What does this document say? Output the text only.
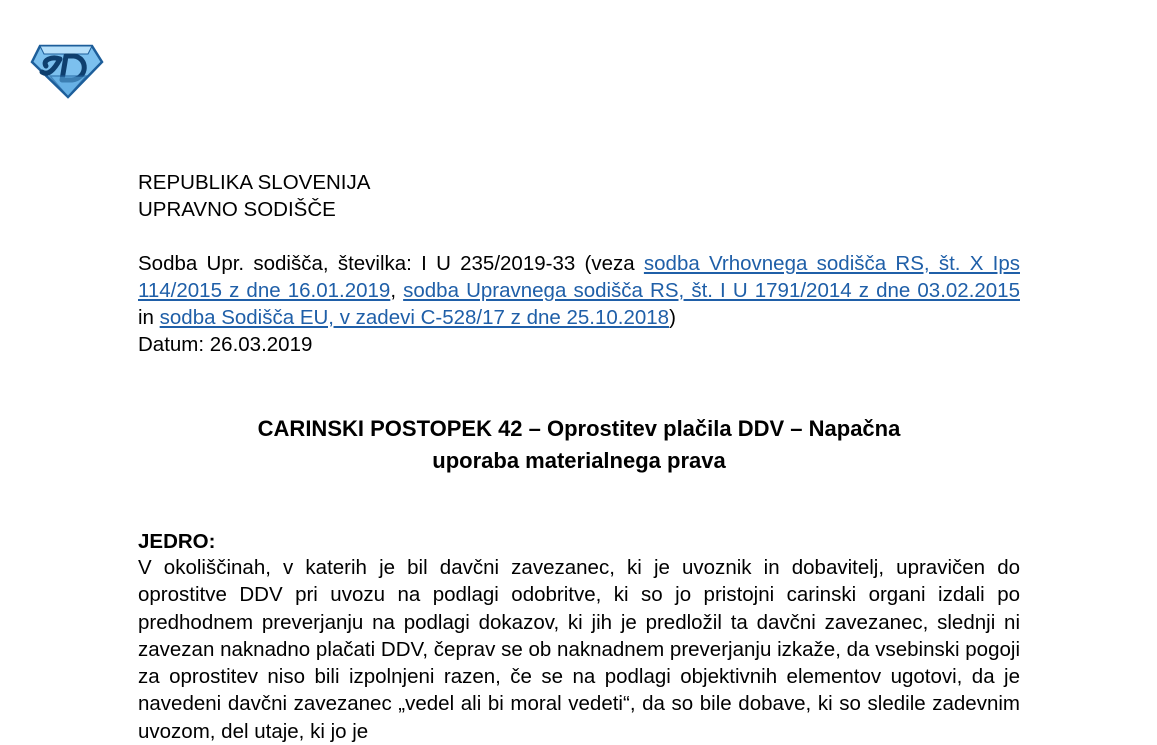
REPUBLIKA SLOVENIJA
UPRAVNO SODIŠČE
Sodba Upr. sodišča, številka: I U 235/2019-33 (veza sodba Vrhovnega sodišča RS, št. X Ips 114/2015 z dne 16.01.2019, sodba Upravnega sodišča RS, št. I U 1791/2014 z dne 03.02.2015 in sodba Sodišča EU, v zadevi C-528/17 z dne 25.10.2018)
Datum: 26.03.2019
CARINSKI POSTOPEK 42 – Oprostitev plačila DDV – Napačna
uporaba materialnega prava
JEDRO:
V okoliščinah, v katerih je bil davčni zavezanec, ki je uvoznik in dobavitelj, upravičen do oprostitve DDV pri uvozu na podlagi odobritve, ki so jo pristojni carinski organi izdali po predhodnem preverjanju na podlagi dokazov, ki jih je predložil ta davčni zavezanec, slednji ni zavezan naknadno plačati DDV, čeprav se ob naknadnem preverjanju izkaže, da vsebinski pogoji za oprostitev niso bili izpolnjeni razen, če se na podlagi objektivnih elementov ugotovi, da je navedeni davčni zavezanec „vedel ali bi moral vedeti“, da so bile dobave, ki so sledile zadevnim uvozom, del utaje, ki jo je
